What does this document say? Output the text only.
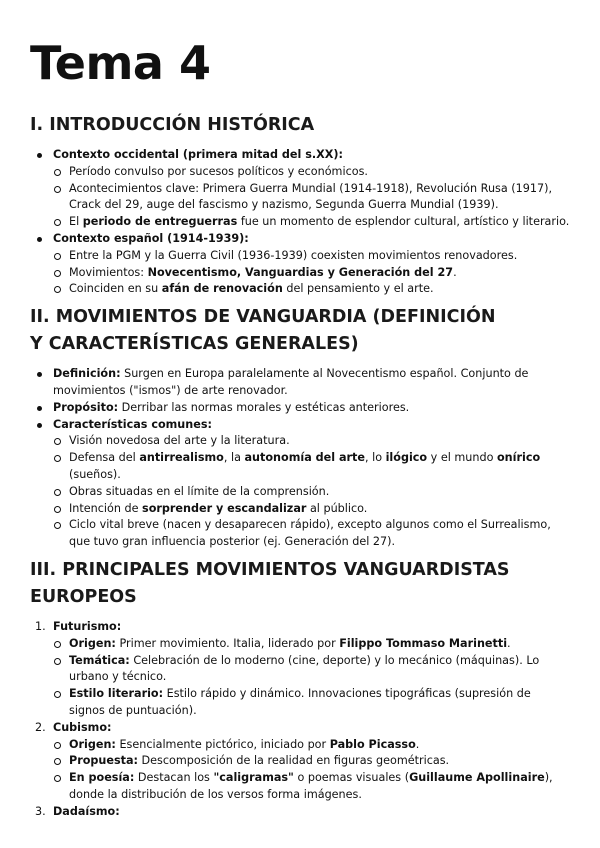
Tema 4
I. INTRODUCCIÓN HISTÓRICA
Contexto occidental (primera mitad del s.XX):
Período convulso por sucesos políticos y económicos.
Acontecimientos clave: Primera Guerra Mundial (1914-1918), Revolución Rusa (1917), Crack del 29, auge del fascismo y nazismo, Segunda Guerra Mundial (1939).
El periodo de entreguerras fue un momento de esplendor cultural, artístico y literario.
Contexto español (1914-1939):
Entre la PGM y la Guerra Civil (1936-1939) coexisten movimientos renovadores.
Movimientos: Novecentismo, Vanguardias y Generación del 27.
Coinciden en su afán de renovación del pensamiento y el arte.
II. MOVIMIENTOS DE VANGUARDIA (DEFINICIÓN Y CARACTERÍSTICAS GENERALES)
Definición: Surgen en Europa paralelamente al Novecentismo español. Conjunto de movimientos ("ismos") de arte renovador.
Propósito: Derribar las normas morales y estéticas anteriores.
Características comunes:
Visión novedosa del arte y la literatura.
Defensa del antirrealismo, la autonomía del arte, lo ilógico y el mundo onírico (sueños).
Obras situadas en el límite de la comprensión.
Intención de sorprender y escandalizar al público.
Ciclo vital breve (nacen y desaparecen rápido), excepto algunos como el Surrealismo, que tuvo gran influencia posterior (ej. Generación del 27).
III. PRINCIPALES MOVIMIENTOS VANGUARDISTAS EUROPEOS
1. Futurismo:
Origen: Primer movimiento. Italia, liderado por Filippo Tommaso Marinetti.
Temática: Celebración de lo moderno (cine, deporte) y lo mecánico (máquinas). Lo urbano y técnico.
Estilo literario: Estilo rápido y dinámico. Innovaciones tipográficas (supresión de signos de puntuación).
2. Cubismo:
Origen: Esencialmente pictórico, iniciado por Pablo Picasso.
Propuesta: Descomposición de la realidad en figuras geométricas.
En poesía: Destacan los "caligramas" o poemas visuales (Guillaume Apollinaire), donde la distribución de los versos forma imágenes.
3. Dadaísmo:
